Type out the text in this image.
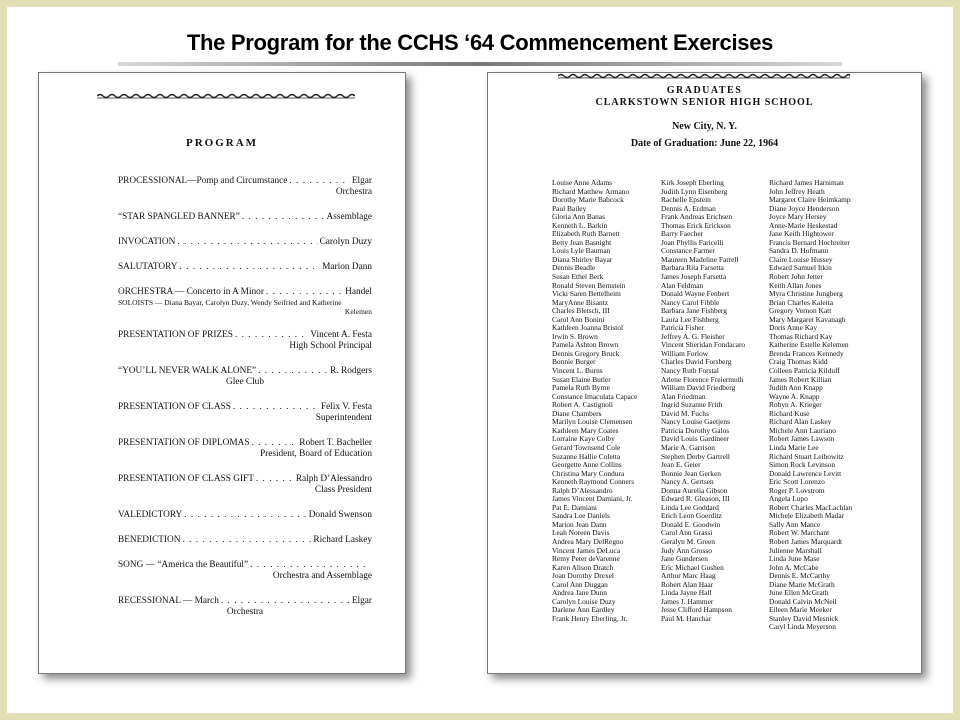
The Program for the CCHS ‘64 Commencement Exercises
PROGRAM
PROCESSIONAL—Pomp and Circumstance . . .	Elgar
Orchestra
“STAR SPANGLED BANNER” . . .	Assemblage
INVOCATION . . .	Carolyn Duzy
SALUTATORY . . .	Marion Dann
ORCHESTRA — Concerto in A Minor . . .	Handel
SOLOISTS — Diana Bayar, Carolyn Duzy, Wendy Seifried and Katherine
Kelemen
PRESENTATION OF PRIZES . . .	Vincent A. Festa
High School Principal
“YOU’LL NEVER WALK ALONE” . . .	R. Rodgers
Glee Club
PRESENTATION OF CLASS . . .	Felix V. Festa
Superintendent
PRESENTATION OF DIPLOMAS . . .	Robert T. Bacheller
President, Board of Education
PRESENTATION OF CLASS GIFT . . .	Ralph D’Alessandro
Class President
VALEDICTORY . . .	Donald Swenson
BENEDICTION . . .	Richard Laskey
SONG — “America the Beautiful”
. . .
Orchestra and Assemblage
RECESSIONAL — March . . .	Elgar
Orchestra
GRADUATES
CLARKSTOWN SENIOR HIGH SCHOOL
New City, N. Y.
Date of Graduation: June 22, 1964
Louise Anne Adams
Richard Matthew Armano
Dorothy Marie Babcock
Paul Bailey
Gloria Ann Banas
Kenneth L. Barkin
Elizabeth Ruth Barnett
Betty Jean Basnight
Louis Lyle Bauman
Diana Shirley Bayar
Dennis Beadle
Susan Ethel Berk
Ronald Steven Bernstein
Vicki Saren Bettelheim
MaryAnne Bisantz
Charles Bletsch, III
Carol Ann Bonini
Kathleen Joanna Bristol
Irwin S. Brown
Pamela Ashton Brown
Dennis Gregory Bruck
Bonnie Burger
Vincent L. Burns
Susan Elaine Butler
Pamela Ruth Byrne
Constance Imaculata Capace
Robert A. Castignoli
Diane Chambers
Marilyn Louise Clemensen
Kathleen Mary Coates
Lorraine Kaye Colby
Gerard Townsend Cole
Suzanne Hallie Coletta
Georgette Anne Collins
Christina Mary Condura
Kenneth Raymond Conners
Ralph D’Alessandro
James Vincent Damiani, Jr.
Pat E. Damiani
Sandra Lee Daniels
Marion Jean Dann
Leah Noreen Davis
Andrea Mary DelRegno
Vincent James DeLuca
Remy Peter deVarenne
Karen Alison Dratch
Joan Dorothy Drexel
Carol Ann Duggan
Andrea Jane Dunn
Carolyn Louise Duzy
Darlene Ann Eardley
Frank Henry Eberling, Jr.
Kirk Joseph Eberling
Judith Lynn Eisenberg
Rachelle Epstein
Dennis A. Erdman
Frank Andreas Erichsen
Thomas Erick Erickson
Barry Faecher
Joan Phyllis Faricelli
Constance Farmer
Maureen Madeline Farrell
Barbara Rita Farsetta
James Joseph Farsetta
Alan Feldman
Donald Wayne Fenbert
Nancy Carol Fibble
Barbara Jane Fishberg
Laura Lee Fishberg
Patricia Fisher
Jeffrey A. G. Fleisher
Vincent Sheridan Fondacaro
William Forlow
Charles David Forsberg
Nancy Ruth Forstal
Arlene Florence Freiermuth
William David Friedberg
Alan Friedman
Ingrid Suzanne Frith
David M. Fuchs
Nancy Louise Gaetjens
Patricia Dorothy Galos
David Louis Gardineer
Marie A. Garrison
Stephen Derby Gartrell
Jean E. Geier
Bonnie Jean Gerken
Nancy A. Gertsen
Donna Aurelia Gibson
Edward R. Gleason, III
Linda Lee Goddard
Erich Leon Goerditz
Donald E. Goodwin
Carol Ann Grassi
Geralyn M. Green
Judy Ann Grosso
Jane Gundersen
Eric Michael Gushen
Arthur Marc Haag
Robert Alan Haar
Linda Jayne Hall
James J. Hammer
Jesse Clifford Hampson
Paul M. Hanchar
Richard James Harniman
John Jeffrey Heath
Margaret Claire Heimkamp
Diane Joyce Henderson
Joyce Mary Hersey
Anne-Marie Heskestad
Jane Keith Hightower
Francis Bernard Hochreiter
Sandra D. Hofmann
Claire Louise Hussey
Edward Samuel Itkin
Robert John Jetter
Keith Allan Jones
Myra Christine Jungberg
Brian Charles Kaleita
Gregory Vernon Katt
Mary Margaret Kavanagh
Doris Anne Kay
Thomas Richard Kay
Katherine Estelle Kelemen
Brenda Frances Kennedy
Craig Thomas Kidd
Colleen Patricia Kilduff
James Robert Killian
Judith Ann Knapp
Wayne A. Knapp
Robyn A. Krieger
Richard Kuse
Richard Alan Laskey
Michele Ann Lauriano
Robert James Lawson
Linda Marie Lee
Richard Stuart Leibowitz
Simon Rock Levinson
Donald Lawrence Levitt
Eric Scott Lorenzo
Roger P. Lovstrom
Angela Lupo
Robert Charles MacLachlan
Michele Elizabeth Madar
Sally Ann Mance
Robert W. Marchant
Robert James Marquardt
Julienne Marshall
Linda June Mase
John A. McCabe
Dennis E. McCarthy
Diane Marie McGrath
June Ellen McGrath
Donald Calvin McNeil
Eileen Marie Meeker
Stanley David Mesnick
Caryl Linda Meyerson
